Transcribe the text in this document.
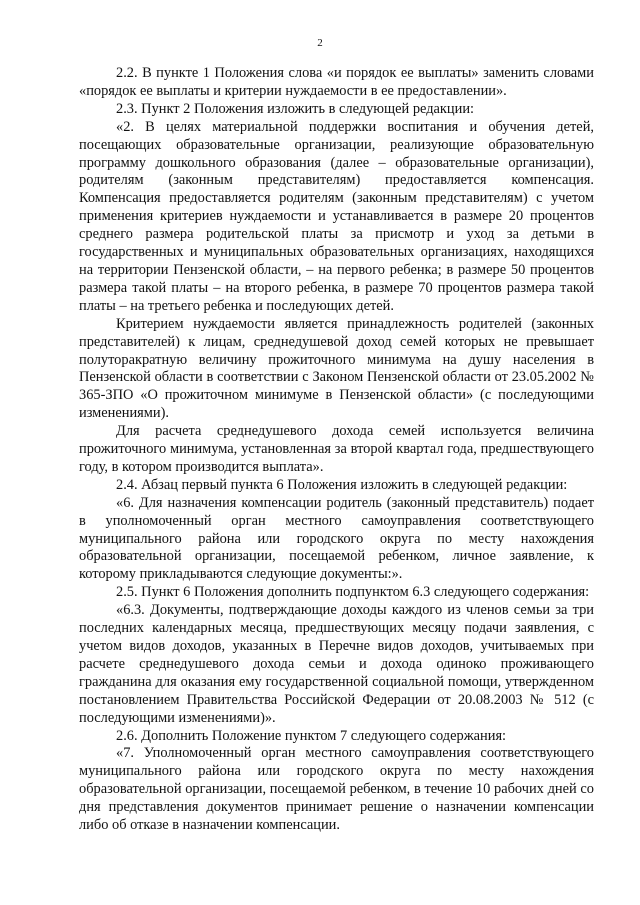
2

2.2. В пункте 1 Положения слова «и порядок ее выплаты» заменить словами «порядок ее выплаты и критерии нуждаемости в ее предоставлении».

2.3. Пункт 2 Положения изложить в следующей редакции:

«2. В целях материальной поддержки воспитания и обучения детей, посещающих образовательные организации, реализующие образовательную программу дошкольного образования (далее – образовательные организации), родителям (законным представителям) предоставляется компенсация. Компенсация предоставляется родителям (законным представителям) с учетом применения критериев нуждаемости и устанавливается в размере 20 процентов среднего размера родительской платы за присмотр и уход за детьми в государственных и муниципальных образовательных организациях, находящихся на территории Пензенской области, – на первого ребенка; в размере 50 процентов размера такой платы – на второго ребенка, в размере 70 процентов размера такой платы – на третьего ребенка и последующих детей.

Критерием нуждаемости является принадлежность родителей (законных представителей) к лицам, среднедушевой доход семей которых не превышает полуторакратную величину прожиточного минимума на душу населения в Пензенской области в соответствии с Законом Пензенской области от 23.05.2002 № 365-ЗПО «О прожиточном минимуме в Пензенской области» (с последующими изменениями).

Для расчета среднедушевого дохода семей используется величина прожиточного минимума, установленная за второй квартал года, предшествующего году, в котором производится выплата».

2.4. Абзац первый пункта 6 Положения изложить в следующей редакции:

«6. Для назначения компенсации родитель (законный представитель) подает в уполномоченный орган местного самоуправления соответствующего муниципального района или городского округа по месту нахождения образовательной организации, посещаемой ребенком, личное заявление, к которому прикладываются следующие документы:».

2.5. Пункт 6 Положения дополнить подпунктом 6.3 следующего содержания:

«6.3. Документы, подтверждающие доходы каждого из членов семьи за три последних календарных месяца, предшествующих месяцу подачи заявления, с учетом видов доходов, указанных в Перечне видов доходов, учитываемых при расчете среднедушевого дохода семьи и дохода одиноко проживающего гражданина для оказания ему государственной социальной помощи, утвержденном постановлением Правительства Российской Федерации от 20.08.2003 № 512 (с последующими изменениями)».

2.6. Дополнить Положение пунктом 7 следующего содержания:

«7. Уполномоченный орган местного самоуправления соответствующего муниципального района или городского округа по месту нахождения образовательной организации, посещаемой ребенком, в течение 10 рабочих дней со дня представления документов принимает решение о назначении компенсации либо об отказе в назначении компенсации.
